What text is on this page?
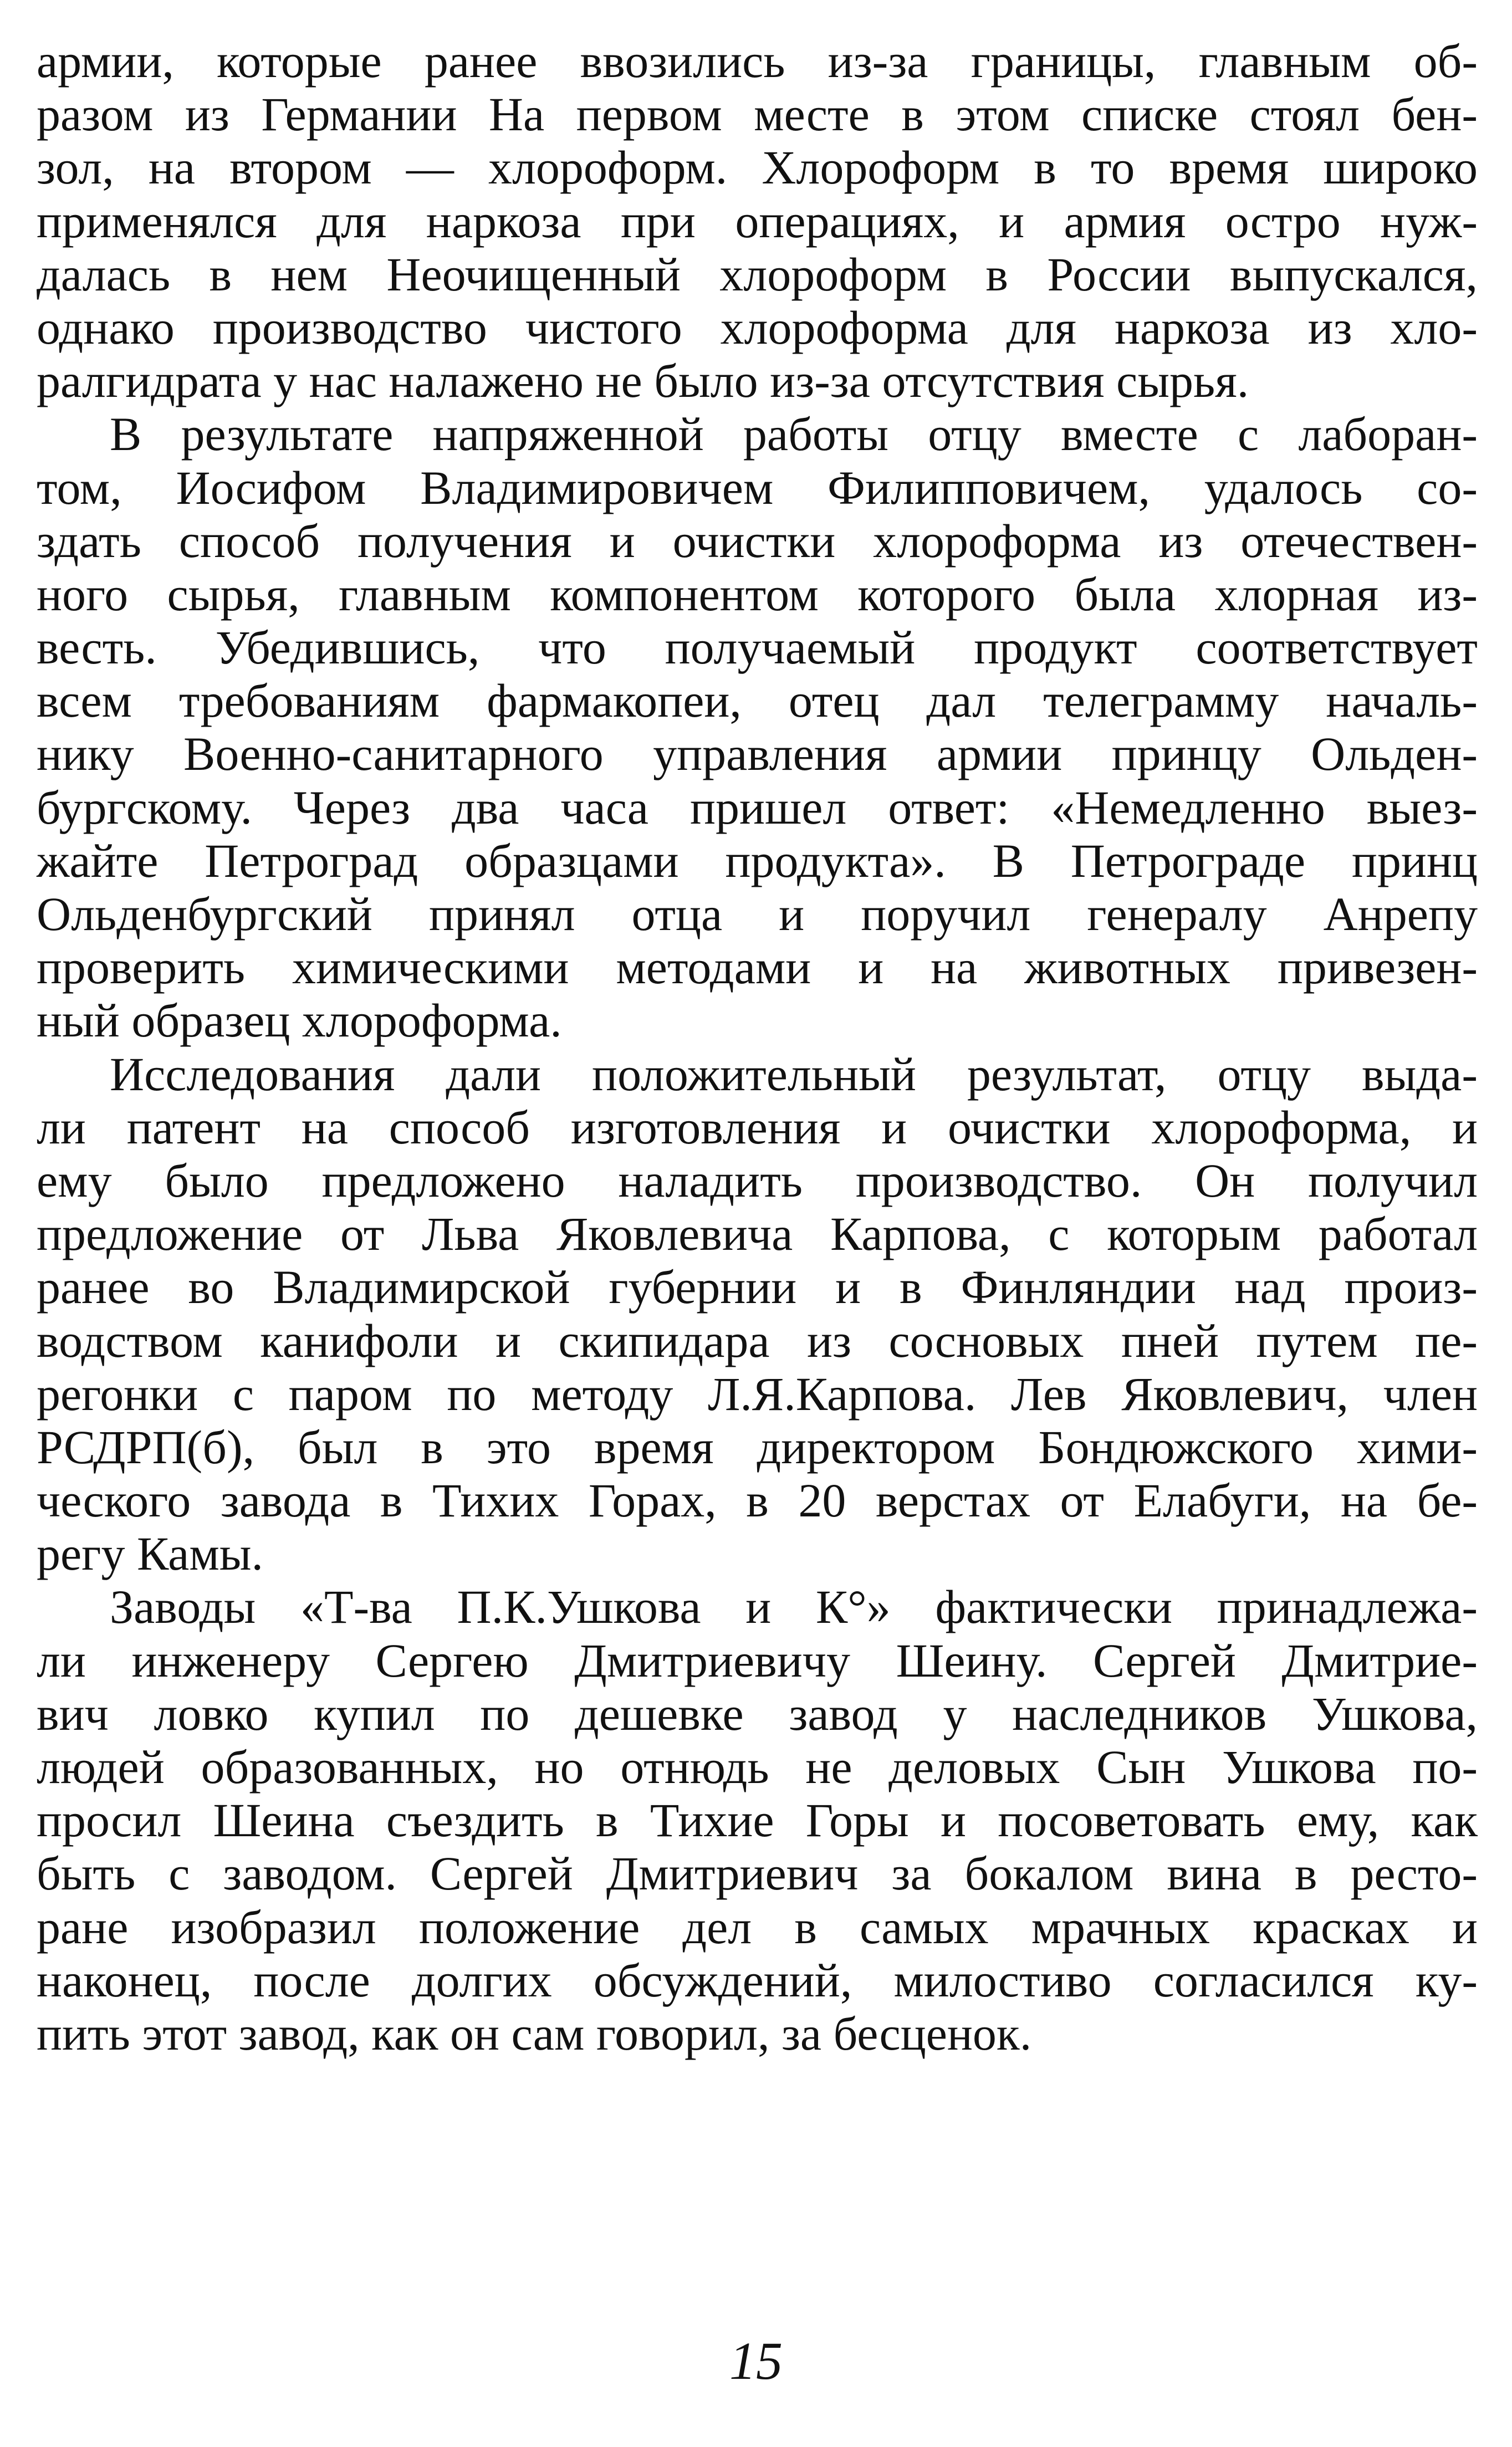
армии, которые ранее ввозились из-за границы, главным об-
разом из Германии На первом месте в этом списке стоял бен-
зол, на втором — хлороформ. Хлороформ в то время широко
применялся для наркоза при операциях, и армия остро нуж-
далась в нем Неочищенный хлороформ в России выпускался,
однако производство чистого хлороформа для наркоза из хло-
ралгидрата у нас налажено не было из-за отсутствия сырья.
В результате напряженной работы отцу вместе с лаборан-
том, Иосифом Владимировичем Филипповичем, удалось со-
здать способ получения и очистки хлороформа из отечествен-
ного сырья, главным компонентом которого была хлорная из-
весть. Убедившись, что получаемый продукт соответствует
всем требованиям фармакопеи, отец дал телеграмму началь-
нику Военно-санитарного управления армии принцу Ольден-
бургскому. Через два часа пришел ответ: «Немедленно выез-
жайте Петроград образцами продукта». В Петрограде принц
Ольденбургский принял отца и поручил генералу Анрепу
проверить химическими методами и на животных привезен-
ный образец хлороформа.
Исследования дали положительный результат, отцу выда-
ли патент на способ изготовления и очистки хлороформа, и
ему было предложено наладить производство. Он получил
предложение от Льва Яковлевича Карпова, с которым работал
ранее во Владимирской губернии и в Финляндии над произ-
водством канифоли и скипидара из сосновых пней путем пе-
регонки с паром по методу Л.Я.Карпова. Лев Яковлевич, член
РСДРП(б), был в это время директором Бондюжского хими-
ческого завода в Тихих Горах, в 20 верстах от Елабуги, на бе-
регу Камы.
Заводы «Т-ва П.К.Ушкова и К°» фактически принадлежа-
ли инженеру Сергею Дмитриевичу Шеину. Сергей Дмитрие-
вич ловко купил по дешевке завод у наследников Ушкова,
людей образованных, но отнюдь не деловых Сын Ушкова по-
просил Шеина съездить в Тихие Горы и посоветовать ему, как
быть с заводом. Сергей Дмитриевич за бокалом вина в ресто-
ране изобразил положение дел в самых мрачных красках и
наконец, после долгих обсуждений, милостиво согласился ку-
пить этот завод, как он сам говорил, за бесценок.
15
